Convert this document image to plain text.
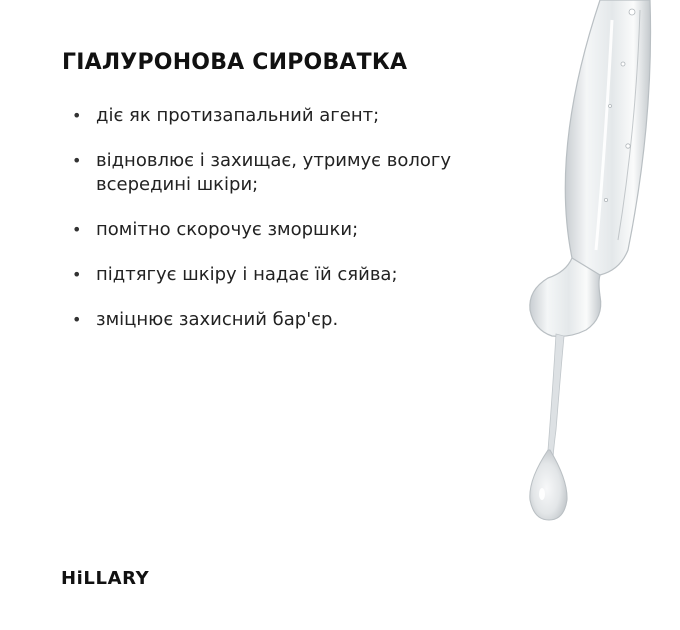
ГІАЛУРОНОВА СИРОВАТКА
• діє як протизапальний агент;
• відновлює і захищає, утримує вологу всередині шкіри;
• помітно скорочує зморшки;
• підтягує шкіру і надає їй сяйва;
• зміцнює захисний бар'єр.
HiLLARY
